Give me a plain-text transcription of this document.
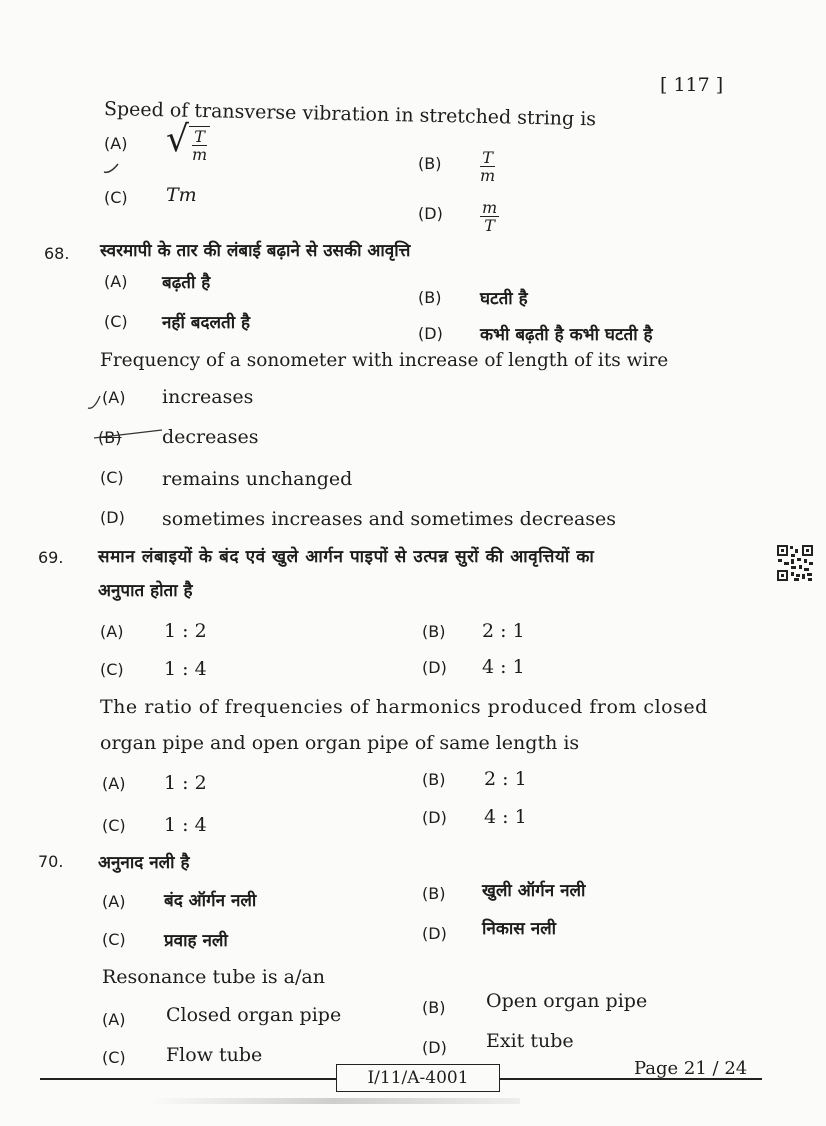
[ 117 ]
Speed of transverse vibration in stretched string is
(A) √ $\frac{T}{m}$
$(B) \frac{T}{m}$
(C) Tm
$(D) \frac{m}{T}$
68. स्वरमापी के तार की लंबाई बढ़ाने से उसकी आवृत्ति
(A) बढ़ती है
(B) घटती है
(C) नहीं बदलती है
(D) कभी बढ़ती है कभी घटती है
Frequency of a sonometer with increase of length of its wire
(A) increases
(B) decreases
(C) remains unchanged
(D) sometimes increases and sometimes decreases
69. समान लंबाइयों के बंद एवं खुले आर्गन पाइपों से उत्पन्न सुरों की आवृत्तियों का
अनुपात होता है
(A) 1 : 2	(B) 2 : 1
(C) 1 : 4	(D) 4 : 1
The ratio of frequencies of harmonics produced from closed
organ pipe and open organ pipe of same length is
(A) 1 : 2	(B) 2 : 1
(C) 1 : 4	(D) 4 : 1
70. अनुनाद नली है
(A) बंद ऑर्गन नली	(B) खुली ऑर्गन नली
(C) प्रवाह नली	(D) निकास नली
Resonance tube is a/an
(A) Closed organ pipe	(B) Open organ pipe
(C) Flow tube	(D) Exit tube
I/11/A-4001	Page 21 / 24
